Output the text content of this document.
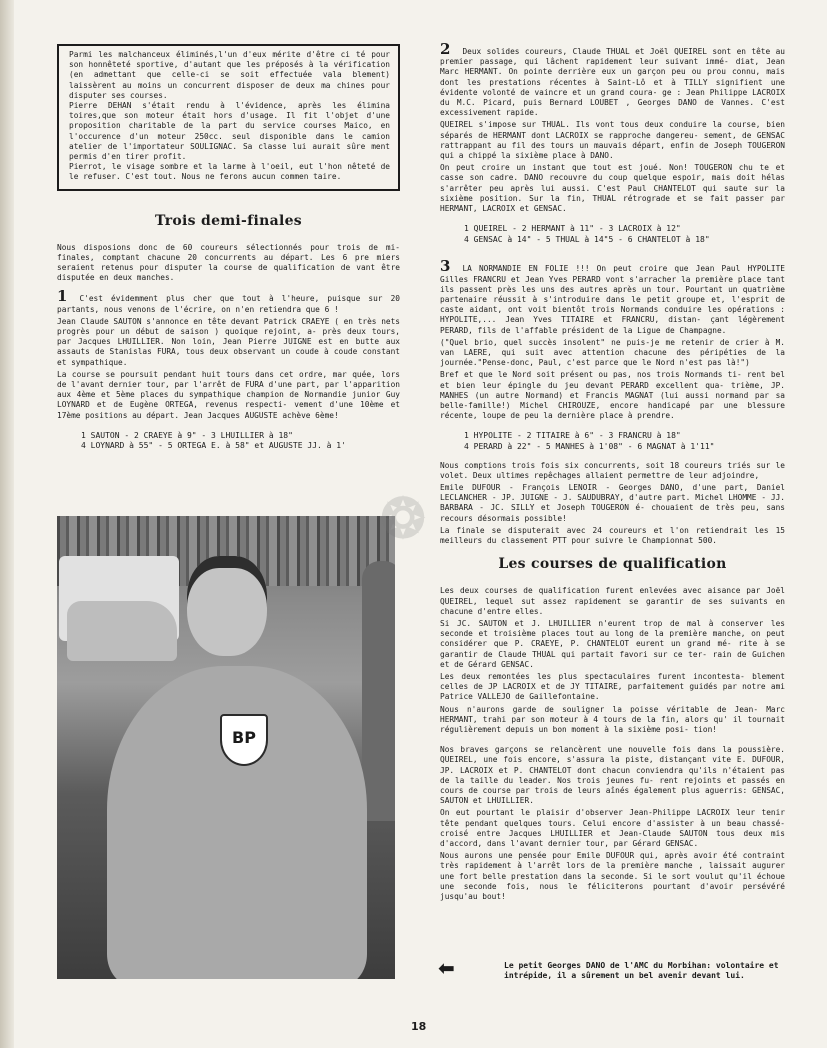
Parmi les malchanceux éliminés,l'un d'eux mérite d'être ci té pour son honnêteté sportive, d'autant que les préposés à la vérification (en admettant que celle-ci se soit effectuée vala blement) laissèrent au moins un concurrent disposer de deux ma chines pour disputer ses courses.

Pierre DEHAN s'était rendu à l'évidence, après les élimina toires,que son moteur était hors d'usage. Il fit l'objet d'une proposition charitable de la part du service courses Maico, en l'occurence d'un moteur 250cc. seul disponible dans le camion atelier de l'importateur SOULIGNAC. Sa classe lui aurait sûre ment permis d'en tirer profit.

Pierrot, le visage sombre et la larme à l'oeil, eut l'hon nêteté de le refuser. C'est tout. Nous ne ferons aucun commen taire.

Trois demi-finales

Nous disposions donc de 60 coureurs sélectionnés pour trois de mi-finales, comptant chacune 20 concurrents au départ. Les 6 pre miers seraient retenus pour disputer la course de qualification de vant être disputée en deux manches.

1 C'est évidemment plus cher que tout à l'heure, puisque sur 20 partants, nous venons de l'écrire, on n'en retiendra que 6 !

Jean Claude SAUTON s'annonce en tête devant Patrick CRAEYE ( en très nets progrès pour un début de saison ) quoique rejoint, a- près deux tours, par Jacques LHUILLIER. Non loin, Jean Pierre JUIGNE est en butte aux assauts de Stanislas FURA, tous deux observant un coude à coude constant et sympathique.

La course se poursuit pendant huit tours dans cet ordre, mar quée, lors de l'avant dernier tour, par l'arrêt de FURA d'une part, par l'apparition aux 4ème et 5ème places du sympathique champion de Normandie junior Guy LOYNARD et de Eugène ORTEGA, revenus respecti- vement d'une 10ème et 17ème positions au départ. Jean Jacques AUGUSTE achève 6ème!

1 SAUTON - 2 CRAEYE à 9" - 3 LHUILLIER à 18"

4 LOYNARD à 55" - 5 ORTEGA E. à 58" et AUGUSTE JJ. à 1'

BP
❂

2 Deux solides coureurs, Claude THUAL et Joël QUEIREL sont en tête au premier passage, qui lâchent rapidement leur suivant immé- diat, Jean Marc HERMANT. On pointe derrière eux un garçon peu ou prou connu, mais dont les prestations récentes à Saint-Lô et à TILLY signifient une évidente volonté de vaincre et un grand coura- ge : Jean Philippe LACROIX du M.C. Picard, puis Bernard LOUBET , Georges DANO de Vannes. C'est excessivement rapide.

QUEIREL s'impose sur THUAL. Ils vont tous deux conduire la course, bien séparés de HERMANT dont LACROIX se rapproche dangereu- sement, de GENSAC rattrappant au fil des tours un mauvais départ, enfin de Joseph TOUGERON qui a chippé la sixième place à DANO.

On peut croire un instant que tout est joué. Non! TOUGERON chu te et casse son cadre. DANO recouvre du coup quelque espoir, mais doit hélas s'arrêter peu après lui aussi. C'est Paul CHANTELOT qui saute sur la sixième position. Sur la fin, THUAL rétrograde et se fait passer par HERMANT, LACROIX et GENSAC.

1 QUEIREL - 2 HERMANT à 11" - 3 LACROIX à 12"

4 GENSAC à 14" - 5 THUAL à 14"5 - 6 CHANTELOT à 18"

3 LA NORMANDIE EN FOLIE !!! On peut croire que Jean Paul HYPOLITE Gilles FRANCRU et Jean Yves PERARD vont s'arracher la première place tant ils passent près les uns des autres après un tour. Pourtant un quatrième partenaire réussit à s'introduire dans le petit groupe et, l'esprit de caste aidant, ont voit bientôt trois Normands conduire les opérations : HYPOLITE,... Jean Yves TITAIRE et FRANCRU, distan- çant légèrement PERARD, fils de l'affable président de la Ligue de Champagne.

("Quel brio, quel succès insolent" ne puis-je me retenir de crier à M. van LAERE, qui suit avec attention chacune des péripéties de la journée."Pense-donc, Paul, c'est parce que le Nord n'est pas là!")

Bref et que le Nord soit présent ou pas, nos trois Normands ti- rent bel et bien leur épingle du jeu devant PERARD excellent qua- trième, JP. MANHES (un autre Normand) et Francis MAGNAT (lui aussi normand par sa belle-famille!) Michel CHIROUZE, encore handicapé par une blessure récente, loupe de peu la dernière place à prendre.

1 HYPOLITE - 2 TITAIRE à 6" - 3 FRANCRU à 18"

4 PERARD à 22" - 5 MANHES à 1'08" - 6 MAGNAT à 1'11"

Nous comptions trois fois six concurrents, soit 18 coureurs triés sur le volet. Deux ultimes repêchages allaient permettre de leur adjoindre,

Emile DUFOUR - François LENOIR - Georges DANO, d'une part, Daniel LECLANCHER - JP. JUIGNE - J. SAUDUBRAY, d'autre part. Michel LHOMME - JJ. BARBARA - JC. SILLY et Joseph TOUGERON é- chouaient de très peu, sans recours désormais possible!

La finale se disputerait avec 24 coureurs et l'on retiendrait les 15 meilleurs du classement PTT pour suivre le Championnat 500.

Les courses de qualification

Les deux courses de qualification furent enlevées avec aisance par Joël QUEIREL, lequel sut assez rapidement se garantir de ses suivants en chacune d'entre elles.

Si JC. SAUTON et J. LHUILLIER n'eurent trop de mal à conserver les seconde et troisième places tout au long de la première manche, on peut considérer que P. CRAEYE, P. CHANTELOT eurent un grand mé- rite à se garantir de Claude THUAL qui partait favori sur ce ter- rain de Guichen et de Gérard GENSAC.

Les deux remontées les plus spectaculaires furent incontesta- blement celles de JP LACROIX et de JY TITAIRE, parfaitement guidés par notre ami Patrice VALLEJO de Gaillefontaine.

Nous n'aurons garde de souligner la poisse véritable de Jean- Marc HERMANT, trahi par son moteur à 4 tours de la fin, alors qu' il tournait régulièrement depuis un bon moment à la sixième posi- tion!

Nos braves garçons se relancèrent une nouvelle fois dans la poussière. QUEIREL, une fois encore, s'assura la piste, distançant vite E. DUFOUR, JP. LACROIX et P. CHANTELOT dont chacun conviendra qu'ils n'étaient pas de la taille du leader. Nos trois jeunes fu- rent rejoints et passés en cours de course par trois de leurs aînés également plus aguerris: GENSAC, SAUTON et LHUILLIER.

On eut pourtant le plaisir d'observer Jean-Philippe LACROIX leur tenir tête pendant quelques tours. Celui encore d'assister à un beau chassé-croisé entre Jacques LHUILLIER et Jean-Claude SAUTON tous deux mis d'accord, dans l'avant dernier tour, par Gérard GENSAC.

Nous aurons une pensée pour Emile DUFOUR qui, après avoir été contraint très rapidement à l'arrêt lors de la première manche , laissait augurer une fort belle prestation dans la seconde. Si le sort voulut qu'il échoue une seconde fois, nous le féliciterons pourtant d'avoir persévéré jusqu'au bout!

⬅	Le petit Georges DANO de l'AMC du Morbihan: volontaire et intrépide, il a sûrement un bel avenir devant lui.

18
